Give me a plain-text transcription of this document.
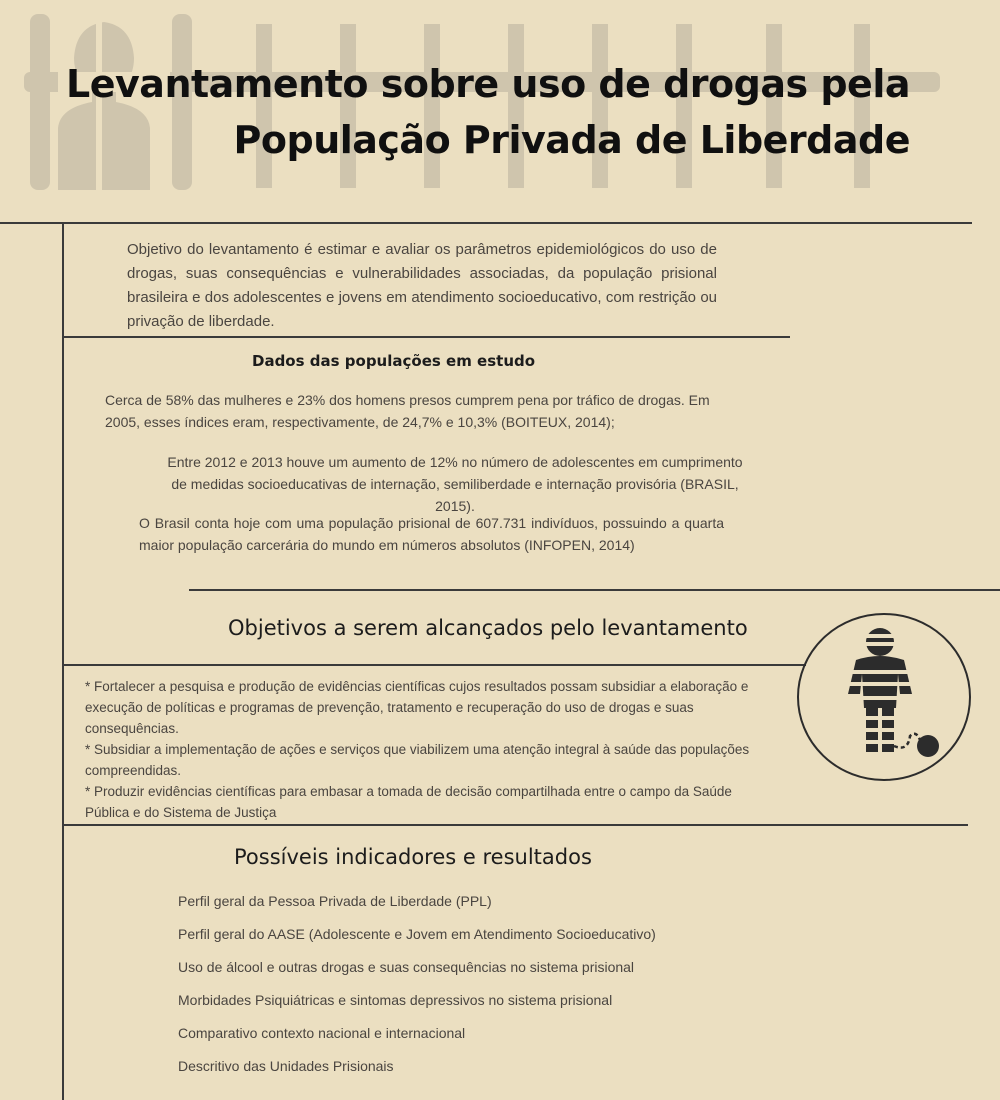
Levantamento sobre uso de drogas pela
População Privada de Liberdade
Objetivo do levantamento é estimar e avaliar os parâmetros epidemiológicos do uso de drogas, suas consequências e vulnerabilidades associadas, da população prisional brasileira e dos adolescentes e jovens em atendimento socioeducativo, com restrição ou privação de liberdade.
Dados das populações em estudo

Cerca de 58% das mulheres e 23% dos homens presos cumprem pena por tráfico de drogas. Em 2005, esses índices eram, respectivamente, de 24,7% e 10,3% (BOITEUX, 2014);

Entre 2012 e 2013 houve um aumento de 12% no número de adolescentes em cumprimento de medidas socioeducativas de internação, semiliberdade e internação provisória (BRASIL, 2015).

O Brasil conta hoje com uma população prisional de 607.731 indivíduos, possuindo a quarta maior população carcerária do mundo em números absolutos (INFOPEN, 2014)

Objetivos a serem alcançados pelo levantamento
* Fortalecer a pesquisa e produção de evidências científicas cujos resultados possam subsidiar a elaboração e execução de políticas e programas de prevenção, tratamento e recuperação do uso de drogas e suas consequências.
* Subsidiar a implementação de ações e serviços que viabilizem uma atenção integral à saúde das populações compreendidas.
* Produzir evidências científicas para embasar a tomada de decisão compartilhada entre o campo da Saúde Pública e do Sistema de Justiça
Possíveis indicadores e resultados
Perfil geral da Pessoa Privada de Liberdade (PPL)
Perfil geral do AASE (Adolescente e Jovem em Atendimento Socioeducativo)
Uso de álcool e outras drogas e suas consequências no sistema prisional
Morbidades Psiquiátricas e sintomas depressivos no sistema prisional
Comparativo contexto nacional e internacional
Descritivo das Unidades Prisionais
